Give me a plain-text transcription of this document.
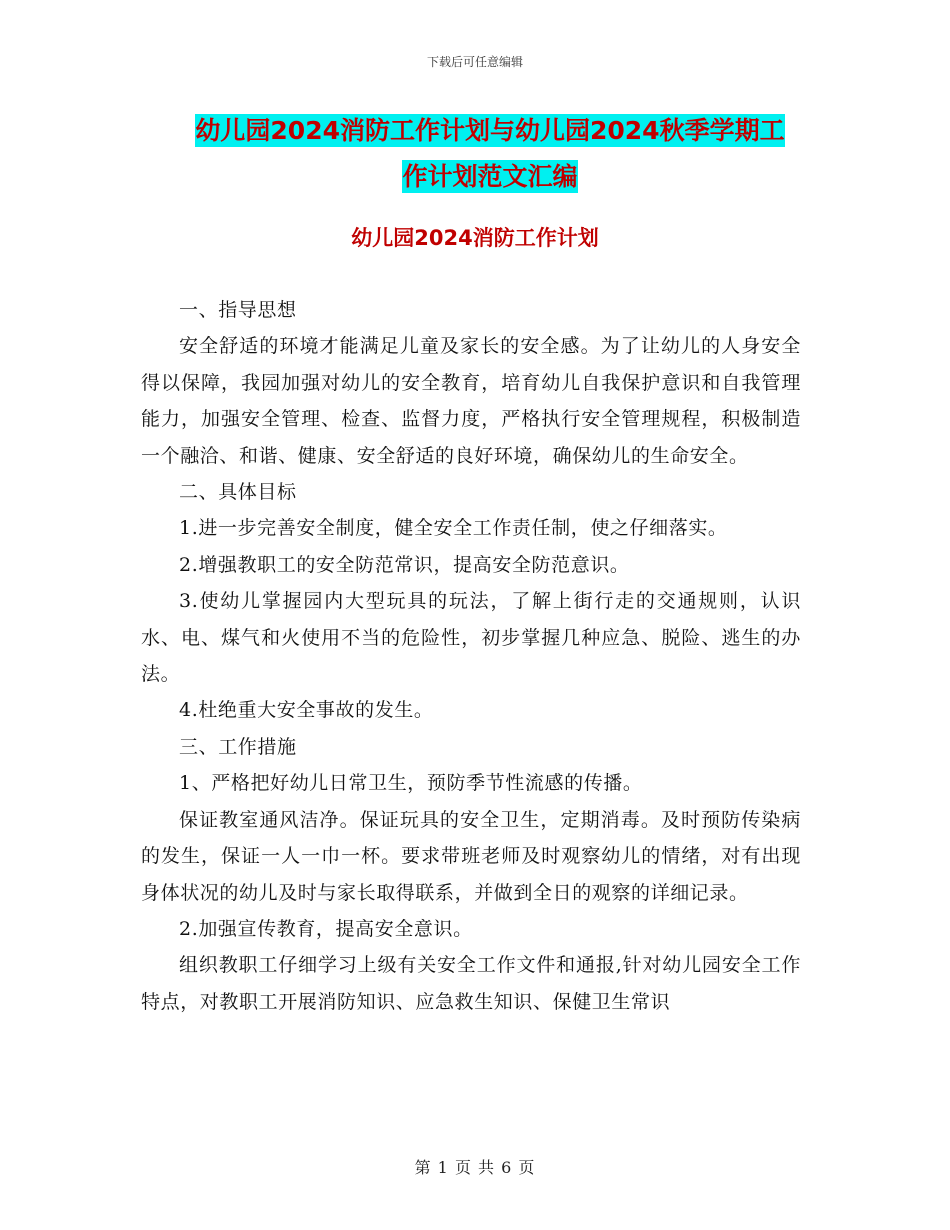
下载后可任意编辑
幼儿园2024消防工作计划与幼儿园2024秋季学期工
作计划范文汇编
幼儿园2024消防工作计划

一、指导思想

安全舒适的环境才能满足儿童及家长的安全感。为了让幼儿的人身安全得以保障，我园加强对幼儿的安全教育，培育幼儿自我保护意识和自我管理能力，加强安全管理、检查、监督力度，严格执行安全管理规程，积极制造一个融洽、和谐、健康、安全舒适的良好环境，确保幼儿的生命安全。

二、具体目标

1.进一步完善安全制度，健全安全工作责任制，使之仔细落实。

2.增强教职工的安全防范常识，提高安全防范意识。

3.使幼儿掌握园内大型玩具的玩法，了解上街行走的交通规则，认识水、电、煤气和火使用不当的危险性，初步掌握几种应急、脱险、逃生的办法。

4.杜绝重大安全事故的发生。

三、工作措施

1、严格把好幼儿日常卫生，预防季节性流感的传播。

保证教室通风洁净。保证玩具的安全卫生，定期消毒。及时预防传染病的发生，保证一人一巾一杯。要求带班老师及时观察幼儿的情绪，对有出现身体状况的幼儿及时与家长取得联系，并做到全日的观察的详细记录。

2.加强宣传教育，提高安全意识。

组织教职工仔细学习上级有关安全工作文件和通报,针对幼儿园安全工作特点，对教职工开展消防知识、应急救生知识、保健卫生常识

第 1 页 共 6 页
